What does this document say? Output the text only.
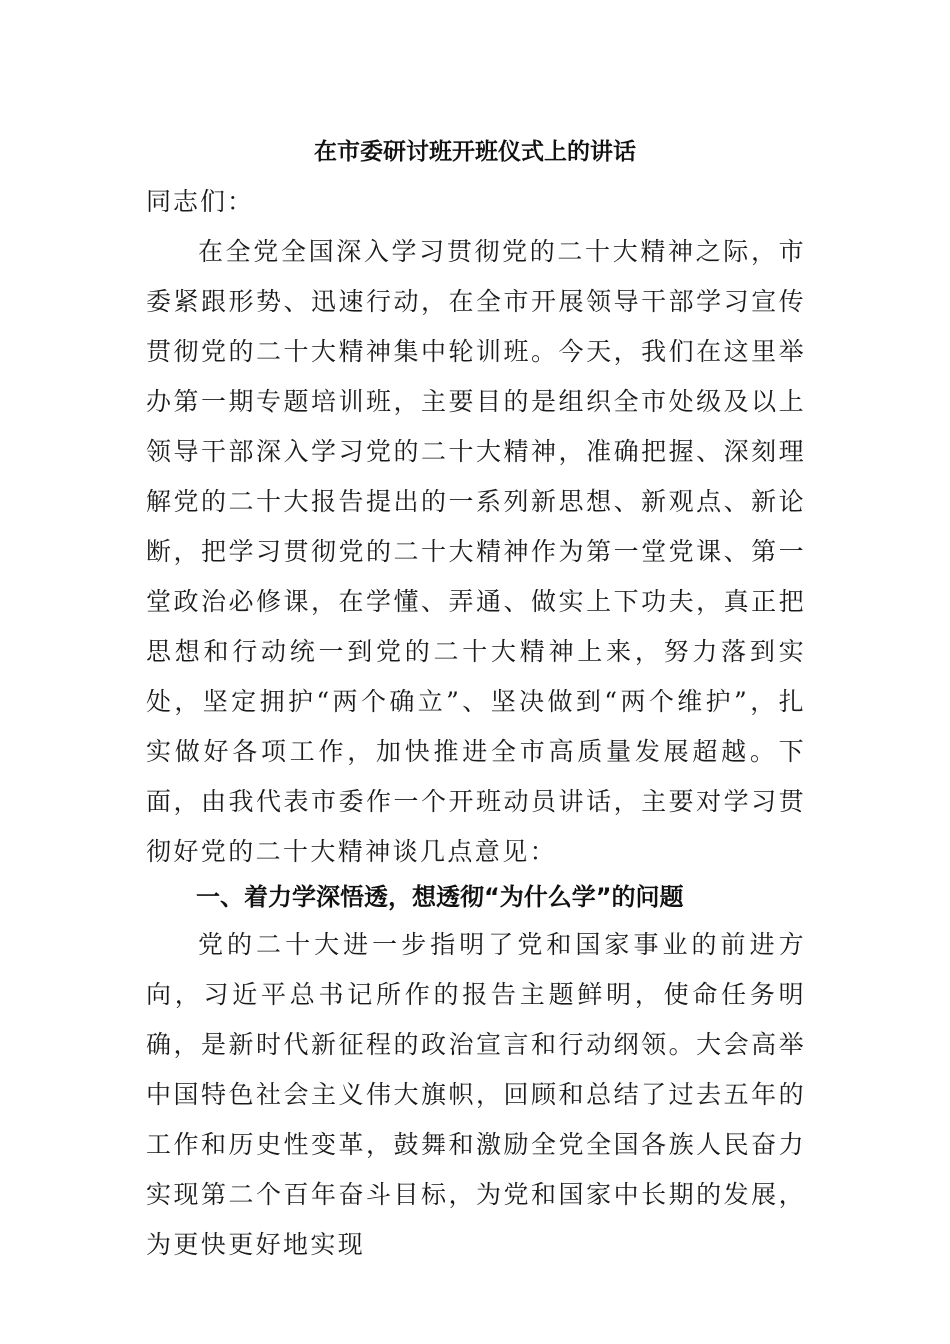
在市委研讨班开班仪式上的讲话

同志们：

在全党全国深入学习贯彻党的二十大精神之际，市委紧跟形势、迅速行动，在全市开展领导干部学习宣传贯彻党的二十大精神集中轮训班。今天，我们在这里举办第一期专题培训班，主要目的是组织全市处级及以上领导干部深入学习党的二十大精神，准确把握、深刻理解党的二十大报告提出的一系列新思想、新观点、新论断，把学习贯彻党的二十大精神作为第一堂党课、第一堂政治必修课，在学懂、弄通、做实上下功夫，真正把思想和行动统一到党的二十大精神上来，努力落到实处，坚定拥护“两个确立”、坚决做到“两个维护”，扎实做好各项工作，加快推进全市高质量发展超越。下面，由我代表市委作一个开班动员讲话，主要对学习贯彻好党的二十大精神谈几点意见：

一、着力学深悟透，想透彻“为什么学”的问题

党的二十大进一步指明了党和国家事业的前进方向，习近平总书记所作的报告主题鲜明，使命任务明确，是新时代新征程的政治宣言和行动纲领。大会高举中国特色社会主义伟大旗帜，回顾和总结了过去五年的工作和历史性变革，鼓舞和激励全党全国各族人民奋力实现第二个百年奋斗目标，为党和国家中长期的发展，为更快更好地实现
